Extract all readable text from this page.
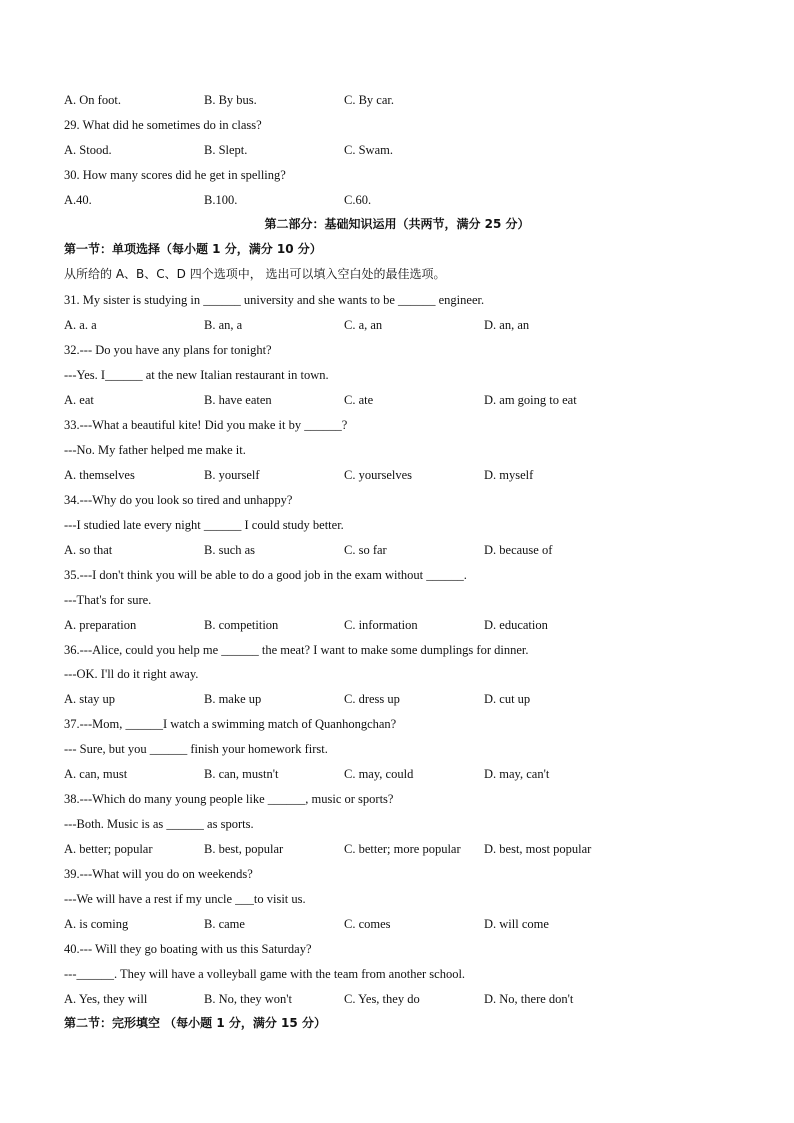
A. On foot.	B. By bus.	C. By car.
29. What did he sometimes do in class?
A. Stood.	B. Slept.	C. Swam.
30. How many scores did he get in spelling?
A.40.	B.100.	C.60.
第二部分：基础知识运用（共两节，满分 25 分）
第一节：单项选择（每小题 1 分，满分 10 分）
从所给的 A、B、C、D 四个选项中， 选出可以填入空白处的最佳选项。
31. My sister is studying in ______ university and she wants to be ______ engineer.
A. a. a	B. an, a	C. a, an	D. an, an
32.--- Do you have any plans for tonight?
---Yes. I______ at the new Italian restaurant in town.
A. eat	B. have eaten	C. ate	D. am going to eat
33.---What a beautiful kite! Did you make it by ______?
---No. My father helped me make it.
A. themselves	B. yourself	C. yourselves	D. myself
34.---Why do you look so tired and unhappy?
---I studied late every night ______ I could study better.
A. so that	B. such as	C. so far	D. because of
35.---I don't think you will be able to do a good job in the exam without ______.
---That's for sure.
A. preparation	B. competition	C. information	D. education
36.---Alice, could you help me ______ the meat? I want to make some dumplings for dinner.
---OK. I'll do it right away.
A. stay up	B. make up	C. dress up	D. cut up
37.---Mom, ______I watch a swimming match of Quanhongchan?
--- Sure, but you ______ finish your homework first.
A. can, must	B. can, mustn't	C. may, could	D. may, can't
38.---Which do many young people like ______, music or sports?
---Both. Music is as ______ as sports.
A. better; popular	B. best, popular	C. better; more popular D. best, most popular
39.---What will you do on weekends?
---We will have a rest if my uncle ___to visit us.
A. is coming	B. came	C. comes	D. will come
40.--- Will they go boating with us this Saturday?
---______. They will have a volleyball game with the team from another school.
A. Yes, they will	B. No, they won't	C. Yes, they do	D. No, there don't
第二节：完形填空 （每小题 1 分，满分 15 分）
